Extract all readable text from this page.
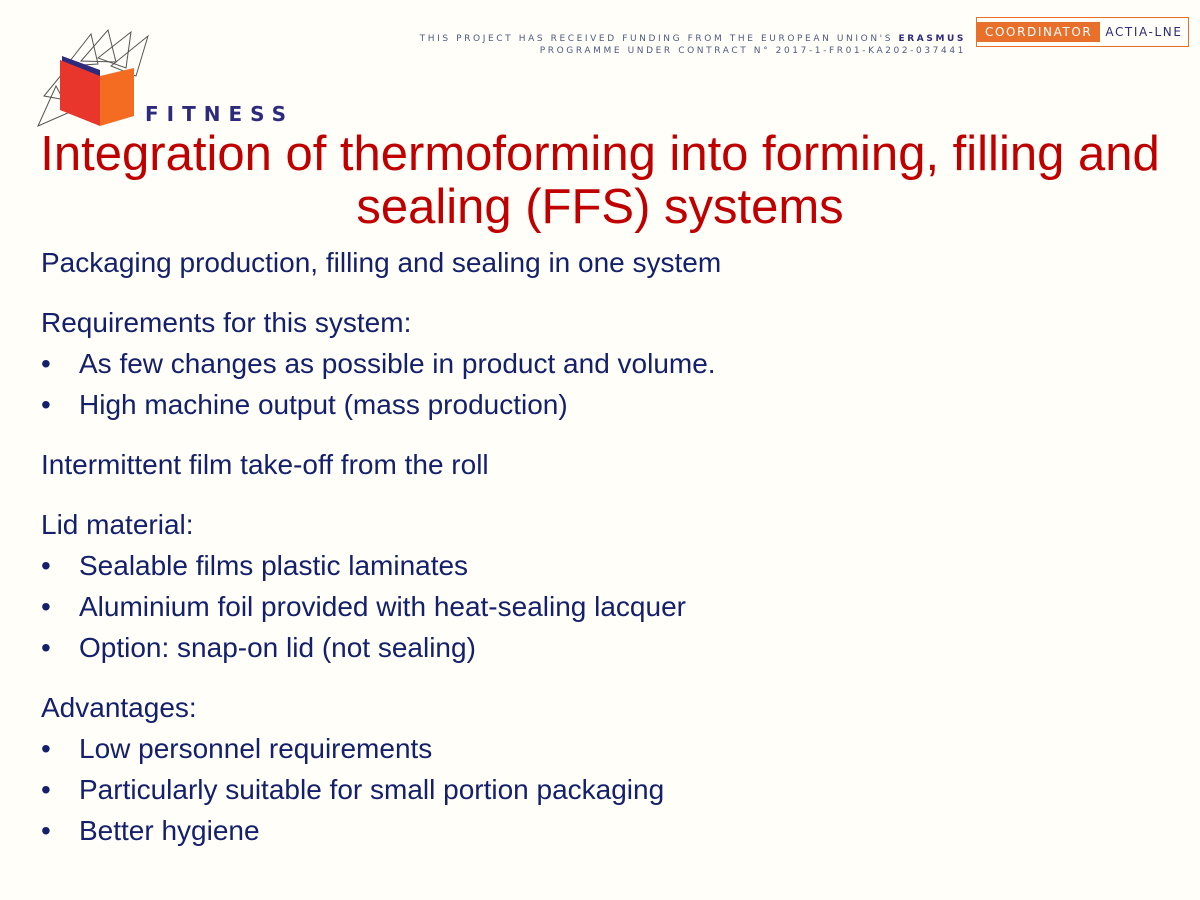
FITNESS
THIS PROJECT HAS RECEIVED FUNDING FROM THE EUROPEAN UNION'S ERASMUS
PROGRAMME UNDER CONTRACT N° 2017-1-FR01-KA202-037441
COORDINATOR	ACTIA-LNE
Integration of thermoforming into forming, filling and sealing (FFS) systems
Packaging production, filling and sealing in one system
Requirements for this system:
• As few changes as possible in product and volume.
• High machine output (mass production)
Intermittent film take-off from the roll
Lid material:
• Sealable films plastic laminates
• Aluminium foil provided with heat-sealing lacquer
• Option: snap-on lid (not sealing)
Advantages:
• Low personnel requirements
• Particularly suitable for small portion packaging
• Better hygiene
